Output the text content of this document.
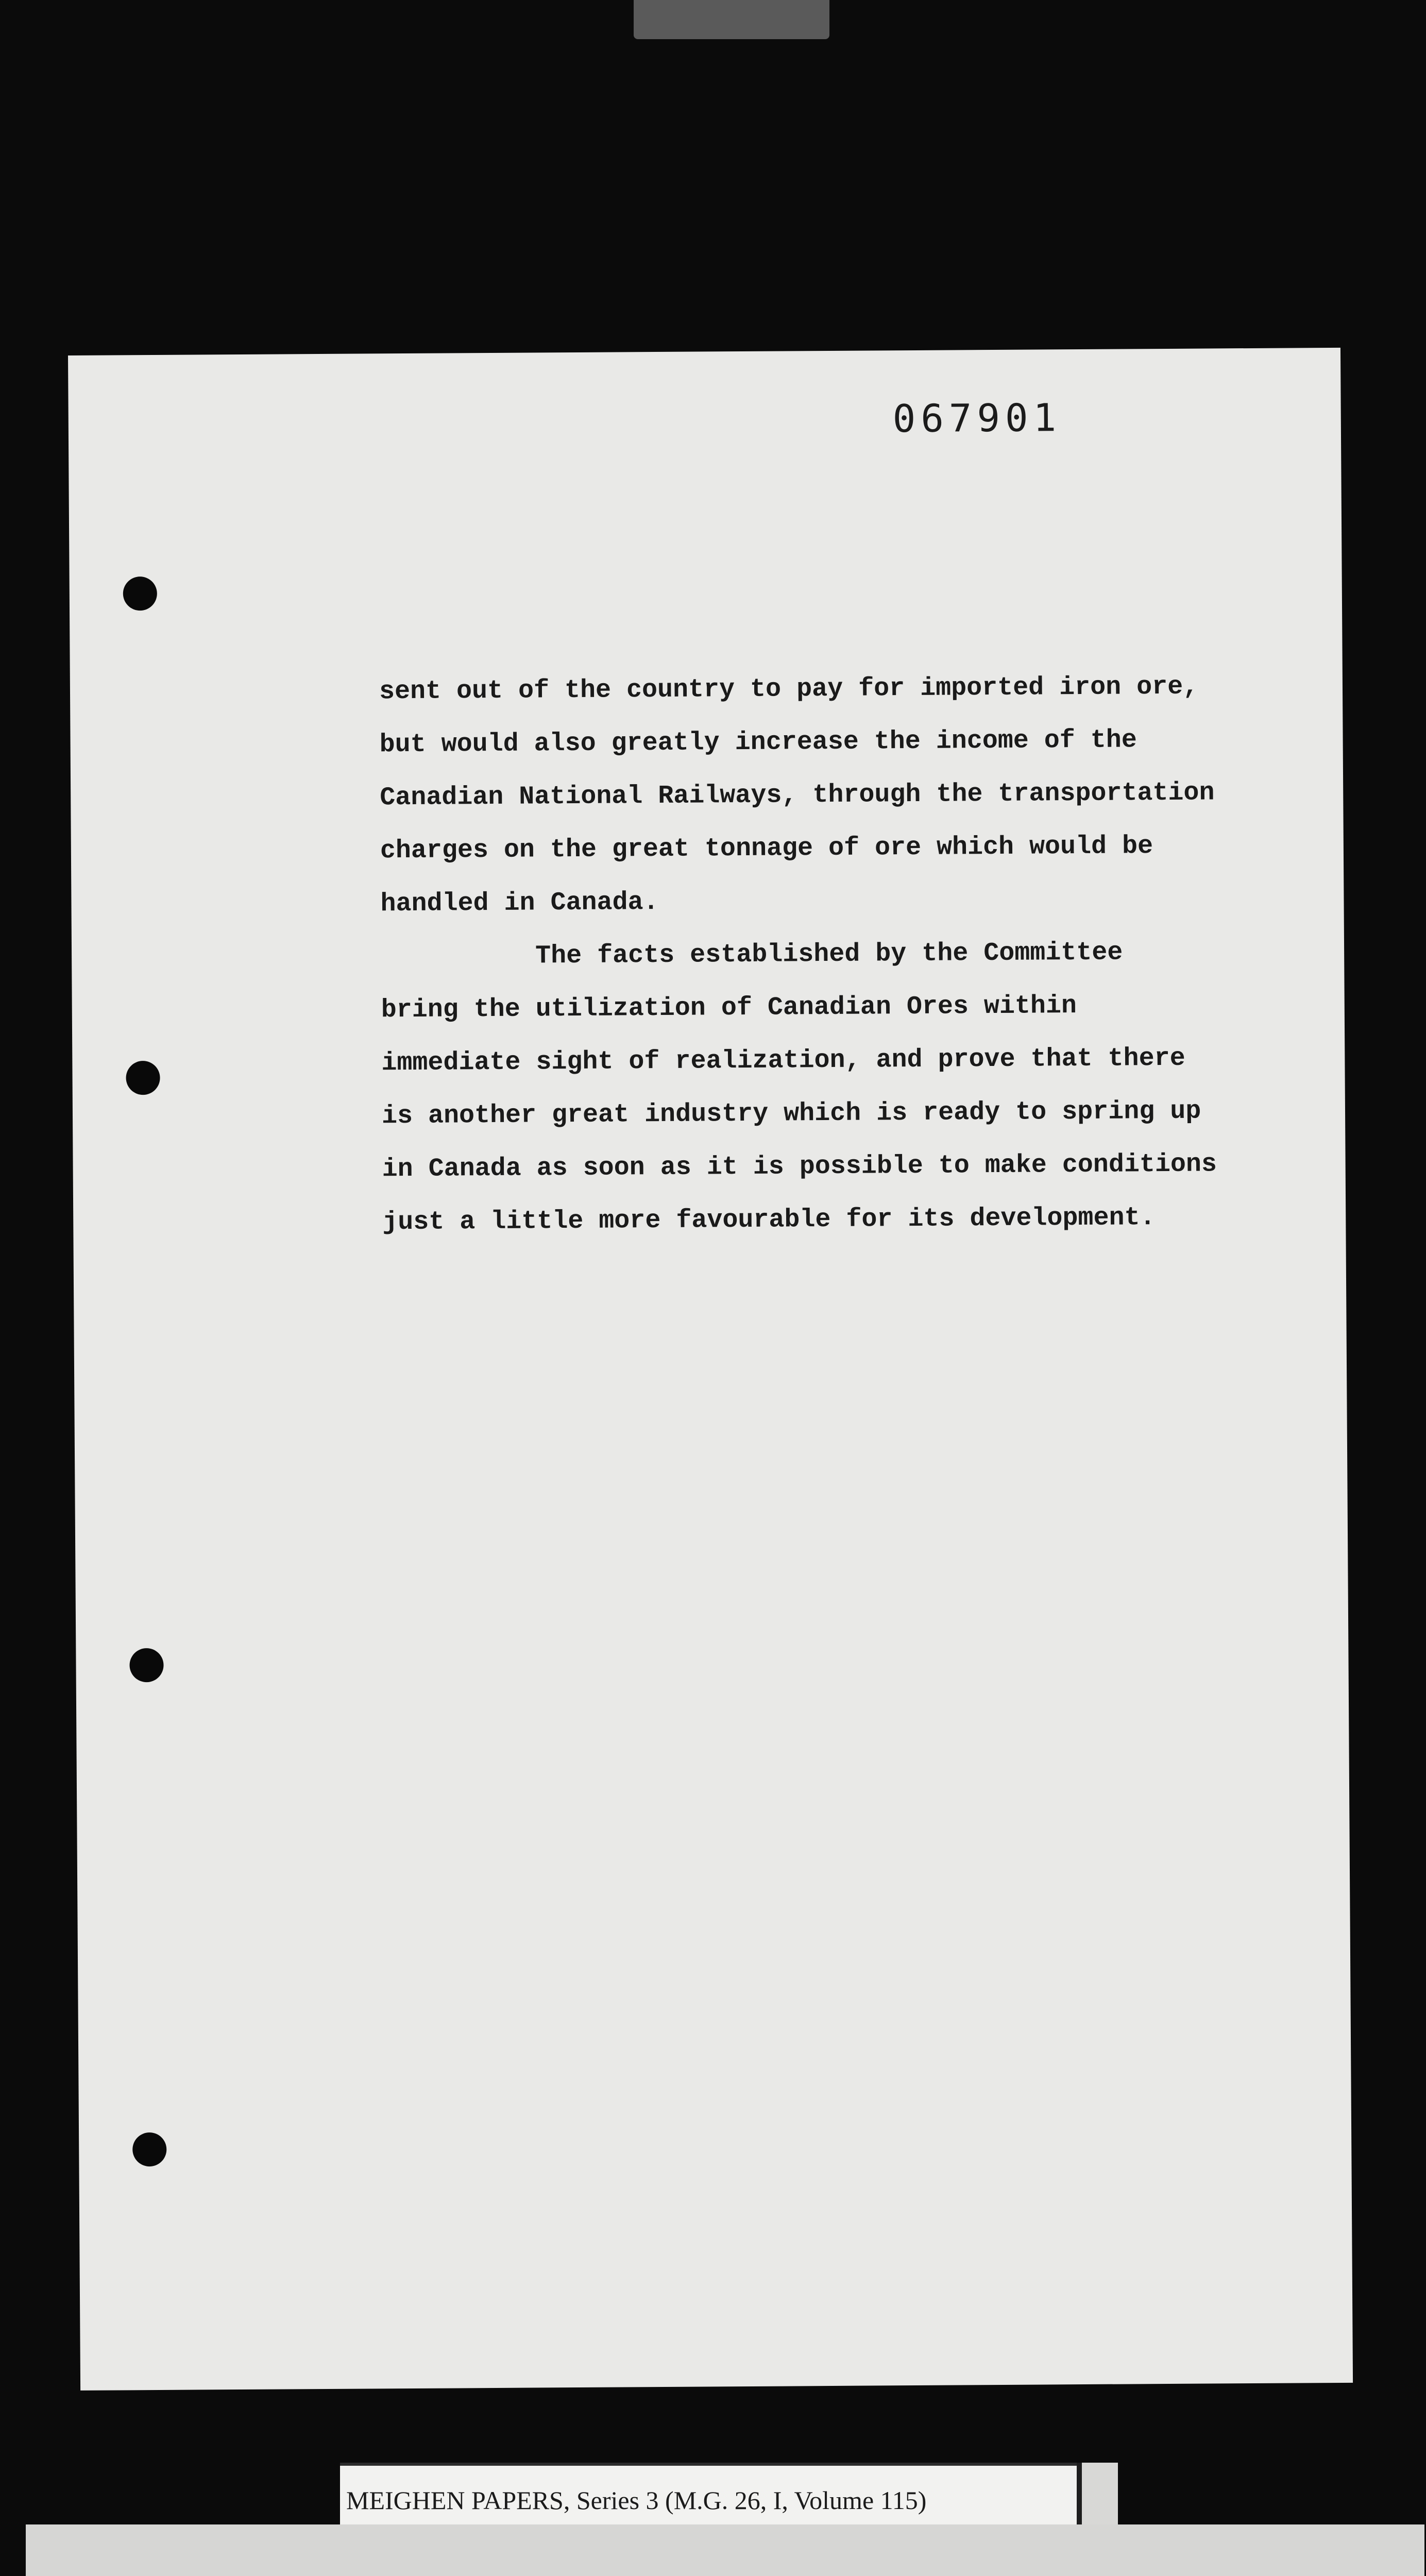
067901

sent out of the country to pay for imported iron ore,

but would also greatly increase the income of the

Canadian National Railways, through the transportation

charges on the great tonnage of ore which would be

handled in Canada.

The facts established by the Committee

bring the utilization of Canadian Ores within

immediate sight of realization, and prove that there

is another great industry which is ready to spring up

in Canada as soon as it is possible to make conditions

just a little more favourable for its development.

MEIGHEN PAPERS, Series 3 (M.G. 26, I, Volume 115)
